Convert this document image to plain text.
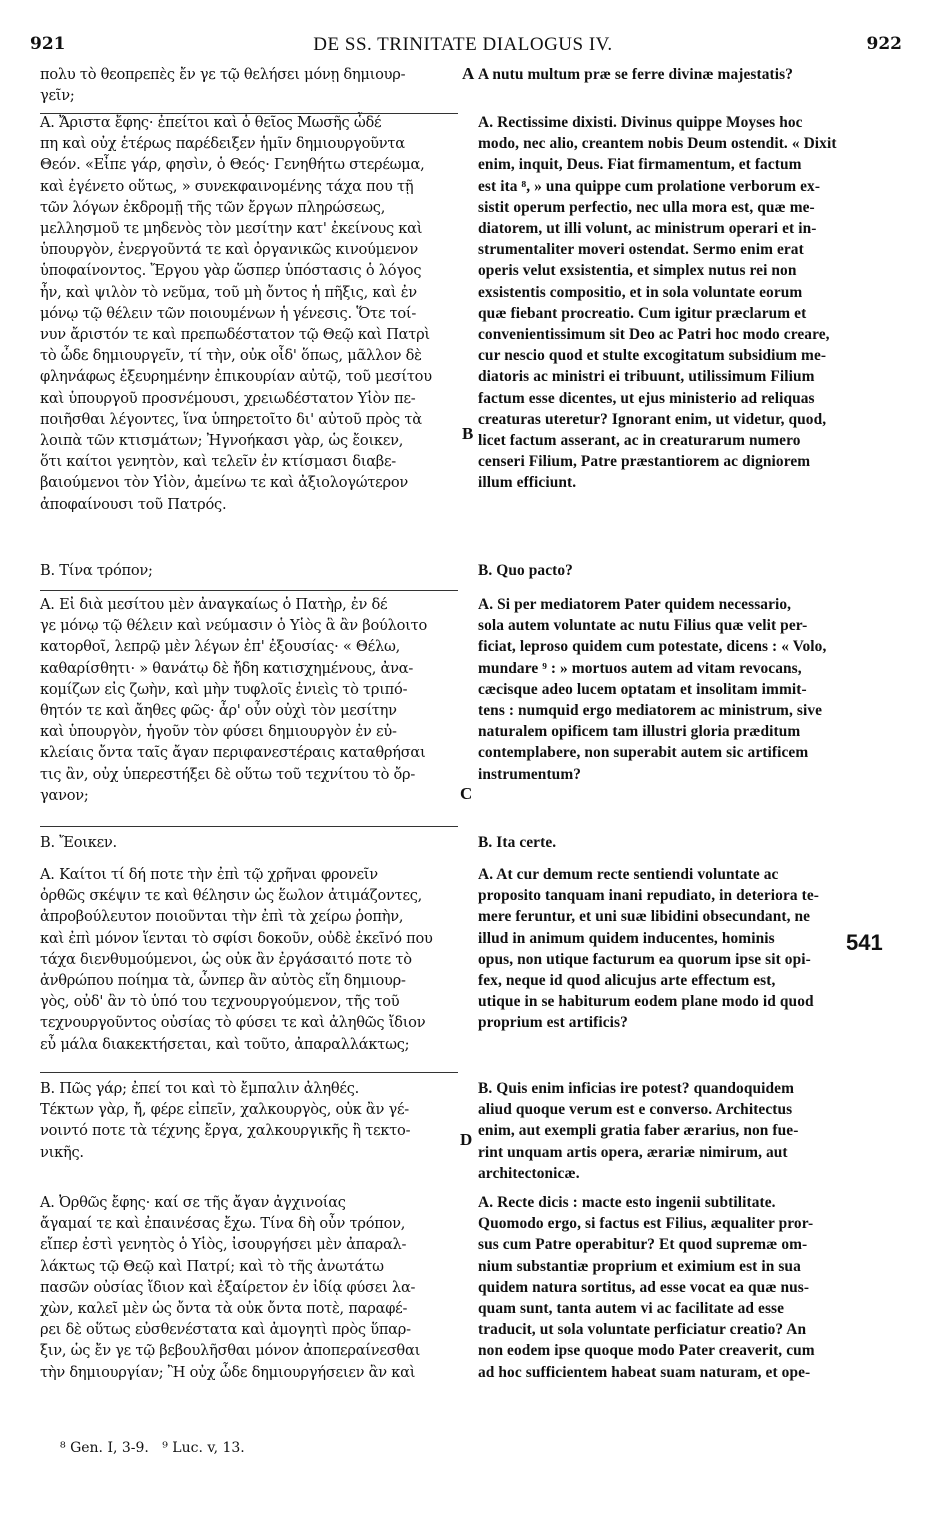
921	DE SS. TRINITATE DIALOGUS IV.	922
πολυ τὸ θεοπρεπὲς ἔν γε τῷ θελήσει μόνῃ δημιουρ-
γεῖν;
Α. Ἄριστα ἔφης· ἐπείτοι καὶ ὁ θεῖος Μωσῆς ὧδέ
πη καὶ οὐχ ἑτέρως παρέδειξεν ἡμῖν δημιουργοῦντα
Θεόν. «Εἶπε γάρ, φησὶν, ὁ Θεός· Γενηθήτω στερέωμα,
καὶ ἐγένετο οὕτως, » συνεκφαινομένης τάχα που τῇ
τῶν λόγων ἐκδρομῇ τῆς τῶν ἔργων πληρώσεως,
μελλησμοῦ τε μηδενὸς τὸν μεσίτην κατ' ἐκείνους καὶ
ὑπουργὸν, ἐνεργοῦντά τε καὶ ὀργανικῶς κινούμενον
ὑποφαίνοντος. Ἔργου γὰρ ὥσπερ ὑπόστασις ὁ λόγος
ἦν, καὶ ψιλὸν τὸ νεῦμα, τοῦ μὴ ὄντος ἡ πῆξις, καὶ ἐν
μόνῳ τῷ θέλειν τῶν ποιουμένων ἡ γένεσις. Ὅτε τοί-
νυν ἄριστόν τε καὶ πρεπωδέστατον τῷ Θεῷ καὶ Πατρὶ
τὸ ὧδε δημιουργεῖν, τί τὴν, οὐκ οἶδ' ὅπως, μᾶλλον δὲ
φληνάφως ἐξευρημένην ἐπικουρίαν αὐτῷ, τοῦ μεσίτου
καὶ ὑπουργοῦ προσνέμουσι, χρειωδέστατον Υἱὸν πε-
ποιῆσθαι λέγοντες, ἵνα ὑπηρετοῖτο δι' αὐτοῦ πρὸς τὰ
λοιπὰ τῶν κτισμάτων; Ἠγνοήκασι γὰρ, ὡς ἔοικεν,
ὅτι καίτοι γενητὸν, καὶ τελεῖν ἐν κτίσμασι διαβε-
βαιούμενοι τὸν Υἱὸν, ἀμείνω τε καὶ ἀξιολογώτερον
ἀποφαίνουσι τοῦ Πατρός.
Β. Τίνα τρόπον;
Α. Εἰ διὰ μεσίτου μὲν ἀναγκαίως ὁ Πατὴρ, ἐν δέ
γε μόνῳ τῷ θέλειν καὶ νεύμασιν ὁ Υἱὸς ἃ ἂν βούλοιτο
κατορθοῖ, λεπρῷ μὲν λέγων ἐπ' ἐξουσίας· « Θέλω,
καθαρίσθητι· » θανάτῳ δὲ ἤδη κατισχημένους, ἀνα-
κομίζων εἰς ζωὴν, καὶ μὴν τυφλοῖς ἐνιεὶς τὸ τριπό-
θητόν τε καὶ ἄηθες φῶς· ἆρ' οὖν οὐχὶ τὸν μεσίτην
καὶ ὑπουργὸν, ἡγοῦν τὸν φύσει δημιουργὸν ἐν εὐ-
κλείαις ὄντα ταῖς ἄγαν περιφανεστέραις καταθρήσαι
τις ἂν, οὐχ ὑπερεστήξει δὲ οὕτω τοῦ τεχνίτου τὸ ὄρ-
γανον;
Β. Ἔοικεν.
Α. Καίτοι τί δή ποτε τὴν ἐπὶ τῷ χρῆναι φρονεῖν
ὀρθῶς σκέψιν τε καὶ θέλησιν ὡς ἕωλον ἀτιμάζοντες,
ἀπροβούλευτον ποιοῦνται τὴν ἐπὶ τὰ χείρω ῥοπὴν,
καὶ ἐπὶ μόνον ἵενται τὸ σφίσι δοκοῦν, οὐδὲ ἐκεῖνό που
τάχα διενθυμούμενοι, ὡς οὐκ ἂν ἐργάσαιτό ποτε τὸ
ἀνθρώπου ποίημα τὰ, ὧνπερ ἂν αὐτὸς εἴη δημιουρ-
γὸς, οὐδ' ἂν τὸ ὑπό του τεχνουργούμενον, τῆς τοῦ
τεχνουργοῦντος οὐσίας τὸ φύσει τε καὶ ἀληθῶς ἴδιον
εὖ μάλα διακεκτήσεται, καὶ τοῦτο, ἀπαραλλάκτως;
Β. Πῶς γάρ; ἐπεί τοι καὶ τὸ ἔμπαλιν ἀληθές.
Τέκτων γὰρ, ἤ, φέρε εἰπεῖν, χαλκουργὸς, οὐκ ἂν γέ-
νοιντό ποτε τὰ τέχνης ἔργα, χαλκουργικῆς ἢ τεκτο-
νικῆς.
Α. Ὀρθῶς ἔφης· καί σε τῆς ἄγαν ἀγχινοίας
ἄγαμαί τε καὶ ἐπαινέσας ἔχω. Τίνα δὴ οὖν τρόπον,
εἴπερ ἐστὶ γενητὸς ὁ Υἱὸς, ἰσουργήσει μὲν ἀπαραλ-
λάκτως τῷ Θεῷ καὶ Πατρί; καὶ τὸ τῆς ἀνωτάτω
πασῶν οὐσίας ἴδιον καὶ ἐξαίρετον ἐν ἰδίᾳ φύσει λα-
χὼν, καλεῖ μὲν ὡς ὄντα τὰ οὐκ ὄντα ποτὲ, παραφέ-
ρει δὲ οὕτως εὐσθενέστατα καὶ ἀμογητὶ πρὸς ὕπαρ-
ξιν, ὡς ἔν γε τῷ βεβουλῆσθαι μόνον ἀποπεραίνεσθαι
τὴν δημιουργίαν; Ἢ οὐχ ὧδε δημιουργήσειεν ἂν καὶ
A nutu multum præ se ferre divinæ majestatis?
A. Rectissime dixisti. Divinus quippe Moyses hoc
modo, nec alio, creantem nobis Deum ostendit. « Dixit
enim, inquit, Deus. Fiat firmamentum, et factum
est ita ⁸, » una quippe cum prolatione verborum ex-
sistit operum perfectio, nec ulla mora est, quæ me-
diatorem, ut illi volunt, ac ministrum operari et in-
strumentaliter moveri ostendat. Sermo enim erat
operis velut exsistentia, et simplex nutus rei non
exsistentis compositio, et in sola voluntate eorum
quæ fiebant procreatio. Cum igitur præclarum et
convenientissimum sit Deo ac Patri hoc modo creare,
cur nescio quod et stulte excogitatum subsidium me-
diatoris ac ministri ei tribuunt, utilissimum Filium
factum esse dicentes, ut ejus ministerio ad reliquas
creaturas uteretur? Ignorant enim, ut videtur, quod,
licet factum asserant, ac in creaturarum numero
censeri Filium, Patre præstantiorem ac digniorem
illum efficiunt.
B. Quo pacto?
A. Si per mediatorem Pater quidem necessario,
sola autem voluntate ac nutu Filius quæ velit per-
ficiat, leproso quidem cum potestate, dicens : « Volo,
mundare ⁹ : » mortuos autem ad vitam revocans,
cæcisque adeo lucem optatam et insolitam immit-
tens : numquid ergo mediatorem ac ministrum, sive
naturalem opificem tam illustri gloria præditum
contemplabere, non superabit autem sic artificem
instrumentum?
B. Ita certe.
A. At cur demum recte sentiendi voluntate ac
proposito tanquam inani repudiato, in deteriora te-
mere feruntur, et uni suæ libidini obsecundant, ne
illud in animum quidem inducentes, hominis
opus, non utique facturum ea quorum ipse sit opi-
fex, neque id quod alicujus arte effectum est,
utique in se habiturum eodem plane modo id quod
proprium est artificis?
B. Quis enim inficias ire potest? quandoquidem
aliud quoque verum est e converso. Architectus
enim, aut exempli gratia faber ærarius, non fue-
rint unquam artis opera, ærariæ nimirum, aut
architectonicæ.
A. Recte dicis : macte esto ingenii subtilitate.
Quomodo ergo, si factus est Filius, æqualiter pror-
sus cum Patre operabitur? Et quod supremæ om-
nium substantiæ proprium et eximium est in sua
quidem natura sortitus, ad esse vocat ea quæ nus-
quam sunt, tanta autem vi ac facilitate ad esse
traducit, ut sola voluntate perficiatur creatio? An
non eodem ipse quoque modo Pater creaverit, cum
ad hoc sufficientem habeat suam naturam, et ope-
A
B
C
D
541
⁸ Gen. I, 3-9.   ⁹ Luc. v, 13.
